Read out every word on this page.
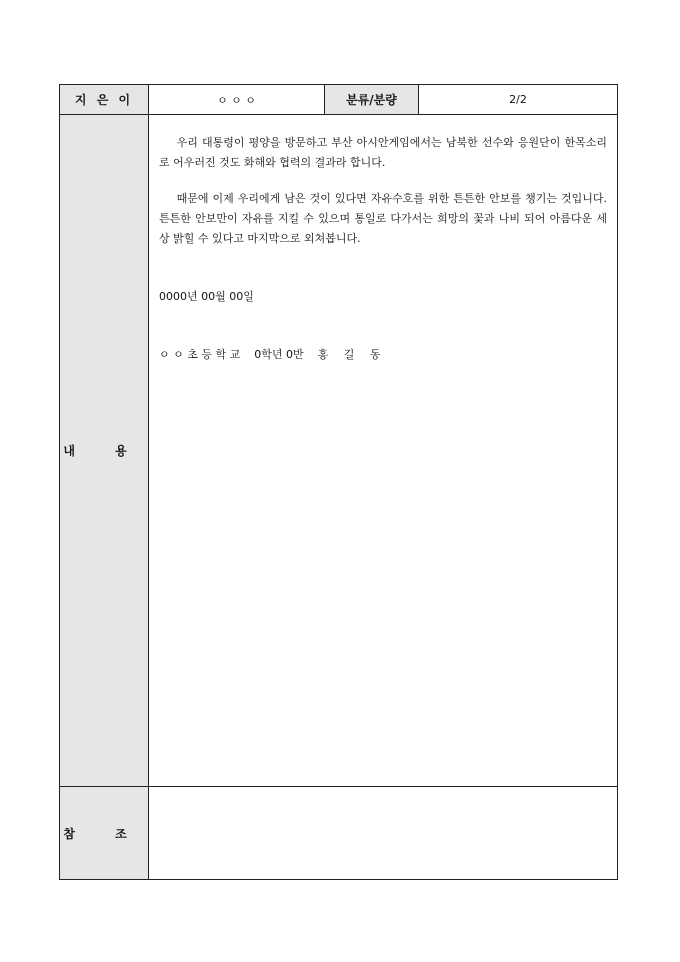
지 은 이	ㅇ ㅇ ㅇ	분류/분량	2/2
내 용	우리 대통령이 평양을 방문하고 부산 아시안게임에서는 남북한 선수와 응원단이 한목소리로 어우러진 것도 화해와 협력의 결과라 합니다.

때문에 이제 우리에게 남은 것이 있다면 자유수호를 위한 튼튼한 안보를 챙기는 것입니다. 튼튼한 안보만이 자유를 지킬 수 있으며 통일로 다가서는 희망의 꽃과 나비 되어 아름다운 세상 밝힐 수 있다고 마지막으로 외쳐봅니다.

0000년 00월 00일

ㅇ ㅇ 초 등 학 교 0학년 0반 홍 길 동		

참 조			
